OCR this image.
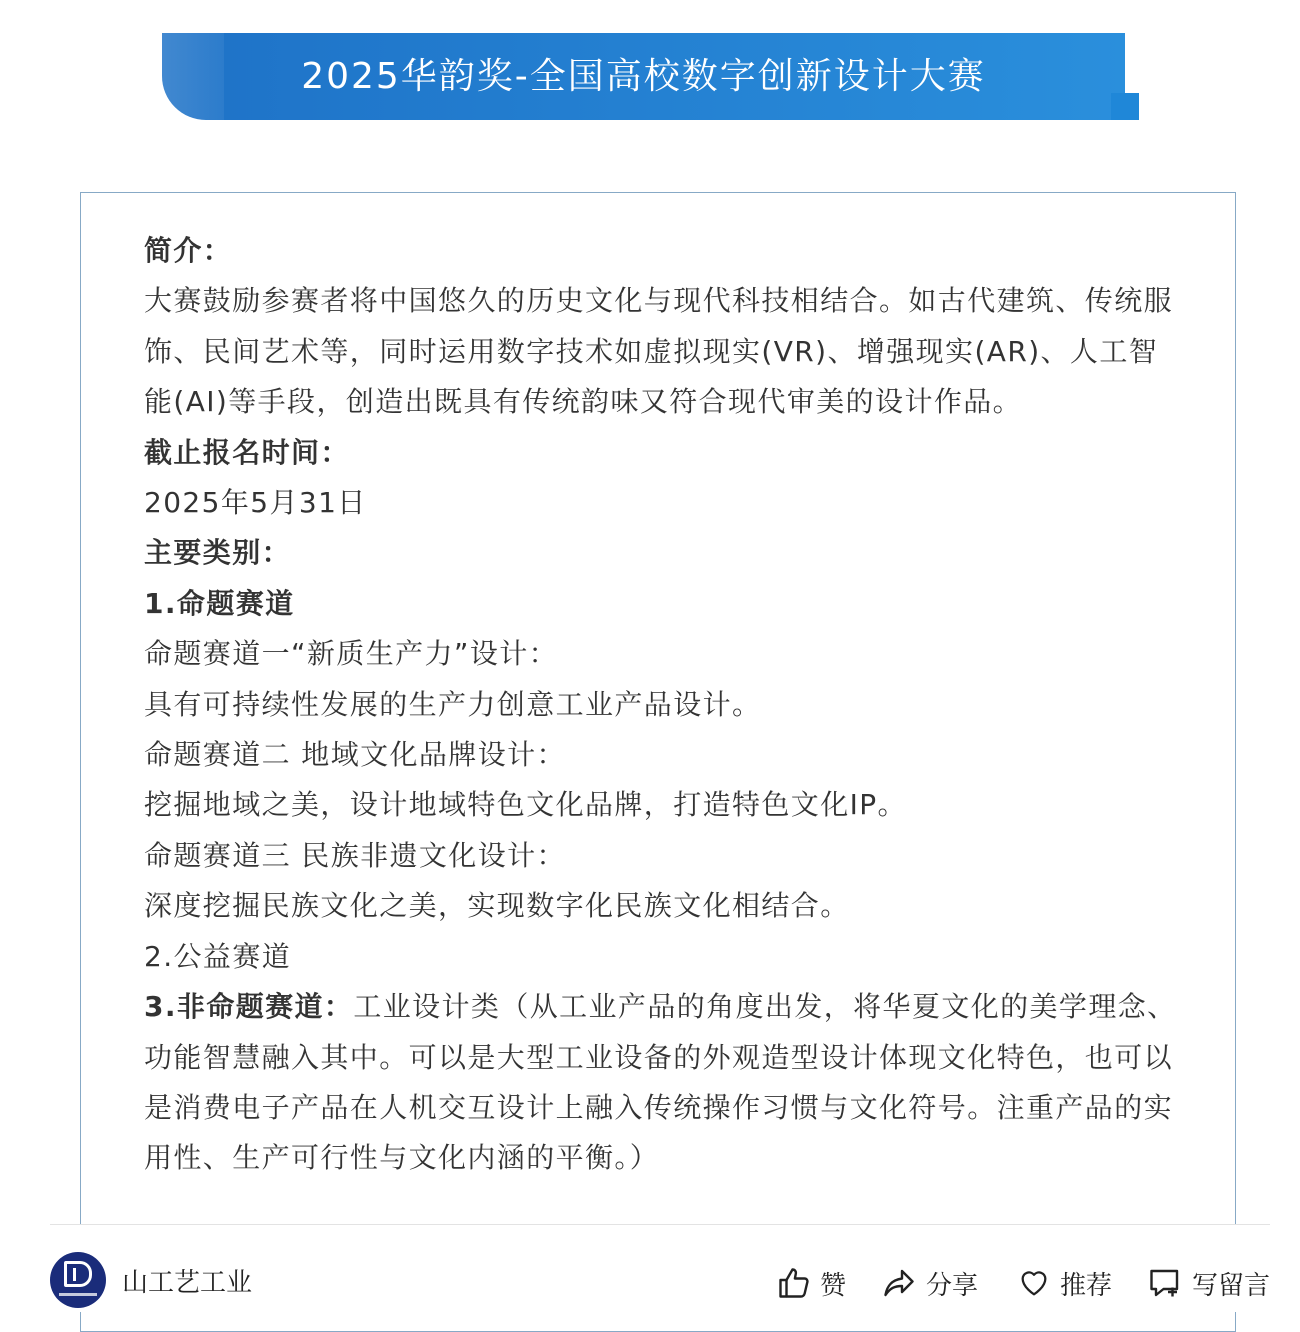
2025华韵奖-全国高校数字创新设计大赛

简介：

大赛鼓励参赛者将中国悠久的历史文化与现代科技相结合。如古代建筑、传统服饰、民间艺术等，同时运用数字技术如虚拟现实(VR)、增强现实(AR)、人工智能(AI)等手段，创造出既具有传统韵味又符合现代审美的设计作品。

截止报名时间：

2025年5月31日

主要类别：

1.命题赛道

命题赛道一“新质生产力”设计：

具有可持续性发展的生产力创意工业产品设计。

命题赛道二 地域文化品牌设计：

挖掘地域之美，设计地域特色文化品牌，打造特色文化IP。

命题赛道三 民族非遗文化设计：

深度挖掘民族文化之美，实现数字化民族文化相结合。

2.公益赛道

3.非命题赛道：工业设计类（从工业产品的角度出发，将华夏文化的美学理念、功能智慧融入其中。可以是大型工业设备的外观造型设计体现文化特色，也可以是消费电子产品在人机交互设计上融入传统操作习惯与文化符号。注重产品的实用性、生产可行性与文化内涵的平衡。）

山工艺工业	赞	分享	推荐	写留言
